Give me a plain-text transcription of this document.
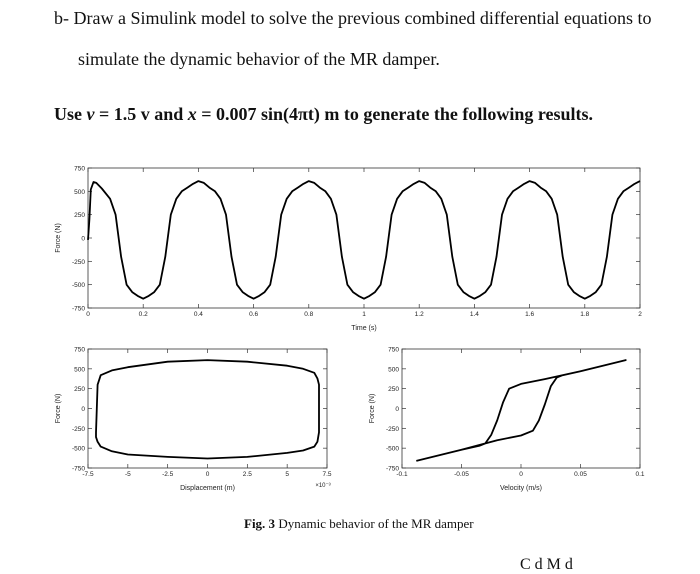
b- Draw a Simulink model to solve the previous combined differential equations to
simulate the dynamic behavior of the MR damper.
Use v = 1.5 v and x = 0.007 sin(4πt) m to generate the following results.
750
500
250
0
-250
-500
-750
0	0.2	0.4	0.6	0.8	1	1.2	1.4	1.6	1.8	2
Time (s)
Force (N)
750
500
250
0
-250
-500
-750
-7.5	-5	-2.5	0	2.5	5	7.5
Displacement (m)
Force (N)
×10⁻³
750
500
250
0
-250
-500
-750
-0.1	-0.05	0	0.05	0.1
Velocity (m/s)
Force (N)
Fig. 3 Dynamic behavior of the MR damper
C d M d
